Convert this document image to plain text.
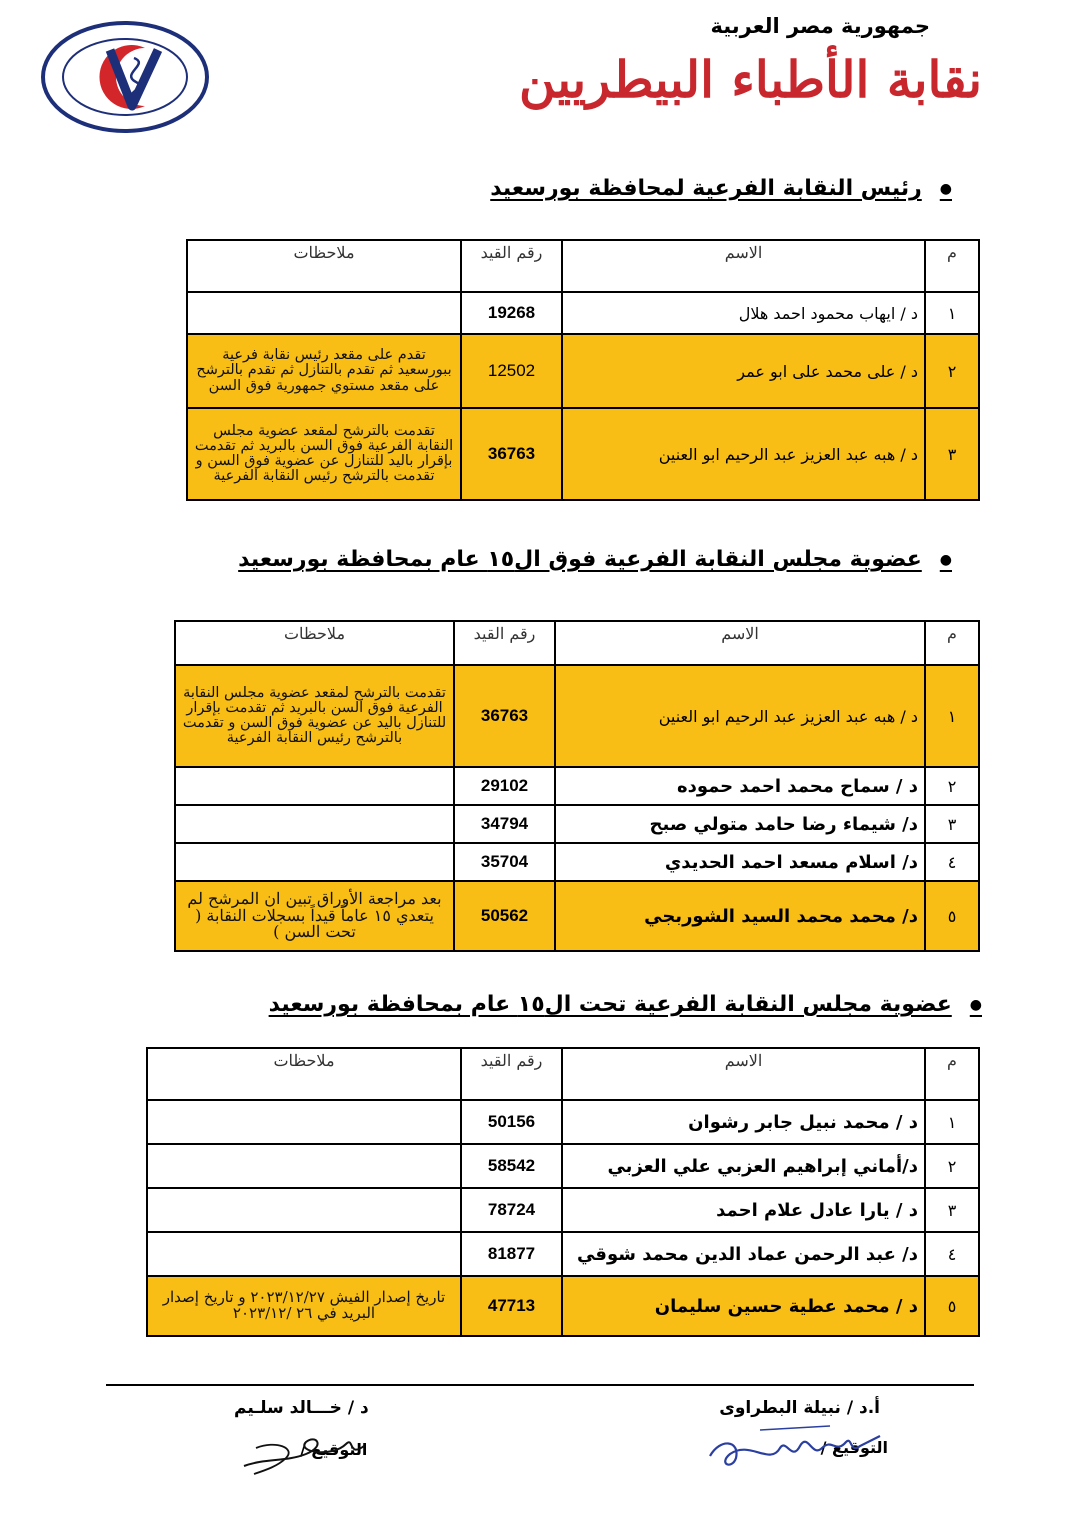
جمهورية مصر العربية
نقابة الأطباء البيطريين
●رئيس النقابة الفرعية لمحافظة بورسعيد
م	الاسم	رقم القيد	ملاحظات
١	د / ايهاب محمود احمد هلال	19268	
٢	د / على محمد على ابو عمر	12502	تقدم على مقعد رئيس نقابة فرعية ببورسعيد ثم تقدم بالتنازل ثم تقدم بالترشح على مقعد مستوي جمهورية فوق السن
٣	د / هبه عبد العزيز عبد الرحيم ابو العنين	36763	تقدمت بالترشح لمقعد عضوية مجلس النقابة الفرعية فوق السن بالبريد ثم تقدمت بإقرار باليد للتنازل عن عضوية فوق السن و تقدمت بالترشح رئيس النقابة الفرعية
●عضوية مجلس النقابة الفرعية فوق ال١٥ عام بمحافظة بورسعيد
م	الاسم	رقم القيد	ملاحظات
١	د / هبه عبد العزيز عبد الرحيم ابو العنين	36763	تقدمت بالترشح لمقعد عضوية مجلس النقابة الفرعية فوق السن بالبريد ثم تقدمت بإقرار للتنازل باليد عن عضوية فوق السن و تقدمت بالترشح رئيس النقابة الفرعية
٢	د / سماح محمد احمد حموده	29102	
٣	د/ شيماء رضا حامد متولي صبح	34794	
٤	د/ اسلام مسعد احمد الحديدي	35704	
٥	د/ محمد محمد السيد الشوربجي	50562	بعد مراجعة الأوراق تبين ان المرشح لم يتعدي ١٥ عاماً قيداً بسجلات النقابة ( تحت السن )
●عضوية مجلس النقابة الفرعية تحت ال١٥ عام بمحافظة بورسعيد
م	الاسم	رقم القيد	ملاحظات
١	د / محمد نبيل جابر رشوان	50156	
٢	د/أماني إبراهيم العزبي علي العزبي	58542	
٣	د / يارا عادل علام احمد	78724	
٤	د/ عبد الرحمن عماد الدين محمد شوقي	81877	
٥	د / محمد عطية حسين سليمان	47713	تاريخ إصدار الفيش ٢٠٢٣/١٢/٢٧ و تاريخ إصدار البريد في ٢٦ /٢٠٢٣/١٢
أ.د / نبيلة البطراوى
التوقيع /
د / خـــالد سلـيم
التوقيع /
